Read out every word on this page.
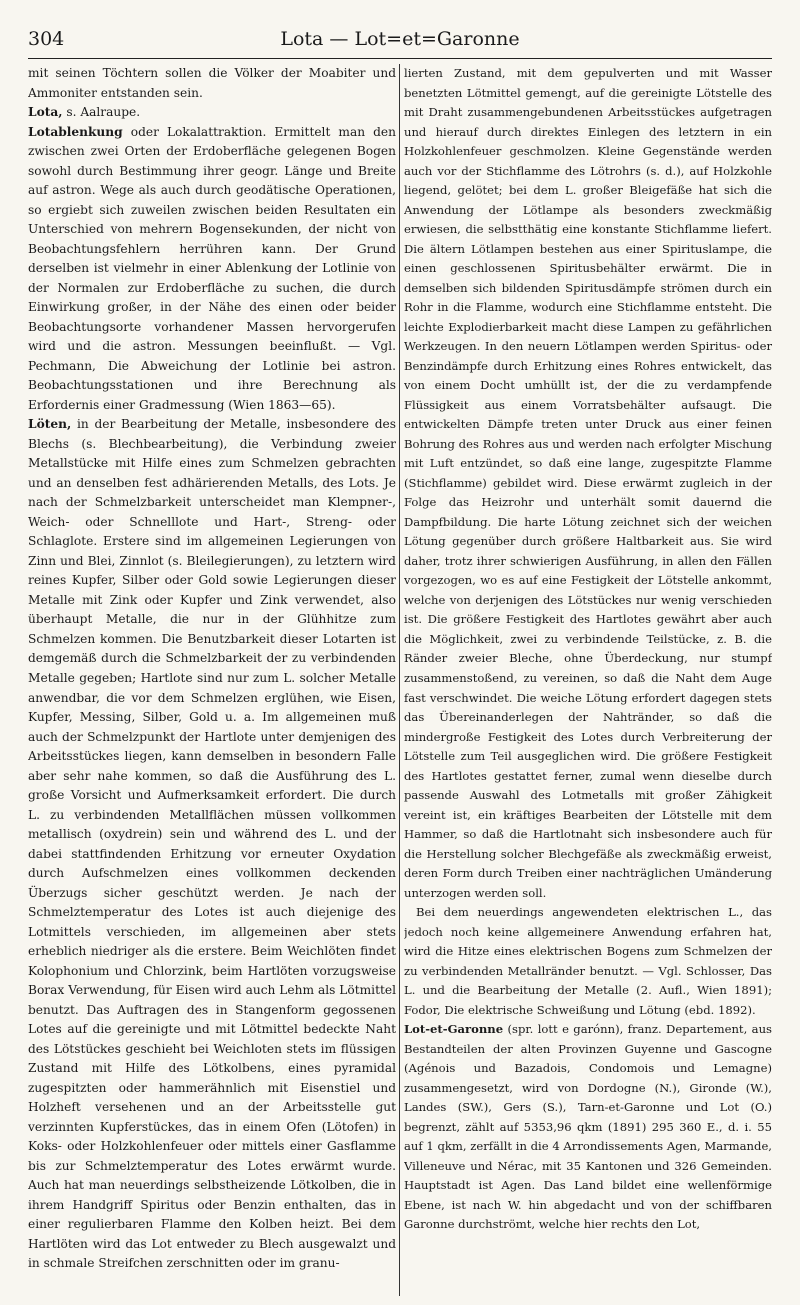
304	Lota — Lot=et=Garonne

mit seinen Töchtern sollen die Völker der Moabiter und Ammoniter entstanden sein.

Lota, s. Aalraupe.

Lotablenkung oder Lokalattraktion. Ermittelt man den zwischen zwei Orten der Erdoberfläche gelegenen Bogen sowohl durch Bestimmung ihrer geogr. Länge und Breite auf astron. Wege als auch durch geodätische Operationen, so ergiebt sich zuweilen zwischen beiden Resultaten ein Unterschied von mehrern Bogensekunden, der nicht von Beobachtungsfehlern herrühren kann. Der Grund derselben ist vielmehr in einer Ablenkung der Lotlinie von der Normalen zur Erdoberfläche zu suchen, die durch Einwirkung großer, in der Nähe des einen oder beider Beobachtungsorte vorhandener Massen hervorgerufen wird und die astron. Messungen beeinflußt. — Vgl. Pechmann, Die Abweichung der Lotlinie bei astron. Beobachtungsstationen und ihre Berechnung als Erfordernis einer Gradmessung (Wien 1863—65).

Löten, in der Bearbeitung der Metalle, insbesondere des Blechs (s. Blechbearbeitung), die Verbindung zweier Metallstücke mit Hilfe eines zum Schmelzen gebrachten und an denselben fest adhärierenden Metalls, des Lots. Je nach der Schmelzbarkeit unterscheidet man Klempner-, Weich- oder Schnelllote und Hart-, Streng- oder Schlaglote. Erstere sind im allgemeinen Legierungen von Zinn und Blei, Zinnlot (s. Bleilegierungen), zu letztern wird reines Kupfer, Silber oder Gold sowie Legierungen dieser Metalle mit Zink oder Kupfer und Zink verwendet, also überhaupt Metalle, die nur in der Glühhitze zum Schmelzen kommen. Die Benutzbarkeit dieser Lotarten ist demgemäß durch die Schmelzbarkeit der zu verbindenden Metalle gegeben; Hartlote sind nur zum L. solcher Metalle anwendbar, die vor dem Schmelzen erglühen, wie Eisen, Kupfer, Messing, Silber, Gold u. a. Im allgemeinen muß auch der Schmelzpunkt der Hartlote unter demjenigen des Arbeitsstückes liegen, kann demselben in besondern Falle aber sehr nahe kommen, so daß die Ausführung des L. große Vorsicht und Aufmerksamkeit erfordert. Die durch L. zu verbindenden Metallflächen müssen vollkommen metallisch (oxydrein) sein und während des L. und der dabei stattfindenden Erhitzung vor erneuter Oxydation durch Aufschmelzen eines vollkommen deckenden Überzugs sicher geschützt werden. Je nach der Schmelztemperatur des Lotes ist auch diejenige des Lotmittels verschieden, im allgemeinen aber stets erheblich niedriger als die erstere. Beim Weichlöten findet Kolophonium und Chlorzink, beim Hartlöten vorzugsweise Borax Verwendung, für Eisen wird auch Lehm als Lötmittel benutzt. Das Auftragen des in Stangenform gegossenen Lotes auf die gereinigte und mit Lötmittel bedeckte Naht des Lötstückes geschieht bei Weichloten stets im flüssigen Zustand mit Hilfe des Lötkolbens, eines pyramidal zugespitzten oder hammerähnlich mit Eisenstiel und Holzheft versehenen und an der Arbeitsstelle gut verzinnten Kupferstückes, das in einem Ofen (Lötofen) in Koks- oder Holzkohlenfeuer oder mittels einer Gasflamme bis zur Schmelztemperatur des Lotes erwärmt wurde. Auch hat man neuerdings selbstheizende Lötkolben, die in ihrem Handgriff Spiritus oder Benzin enthalten, das in einer regulierbaren Flamme den Kolben heizt. Bei dem Hartlöten wird das Lot entweder zu Blech ausgewalzt und in schmale Streifchen zerschnitten oder im granu-

lierten Zustand, mit dem gepulverten und mit Wasser benetzten Lötmittel gemengt, auf die gereinigte Lötstelle des mit Draht zusammengebundenen Arbeitsstückes aufgetragen und hierauf durch direktes Einlegen des letztern in ein Holzkohlenfeuer geschmolzen. Kleine Gegenstände werden auch vor der Stichflamme des Lötrohrs (s. d.), auf Holzkohle liegend, gelötet; bei dem L. großer Bleigefäße hat sich die Anwendung der Lötlampe als besonders zweckmäßig erwiesen, die selbstthätig eine konstante Stichflamme liefert. Die ältern Lötlampen bestehen aus einer Spirituslampe, die einen geschlossenen Spiritusbehälter erwärmt. Die in demselben sich bildenden Spiritusdämpfe strömen durch ein Rohr in die Flamme, wodurch eine Stichflamme entsteht. Die leichte Explodierbarkeit macht diese Lampen zu gefährlichen Werkzeugen. In den neuern Lötlampen werden Spiritus- oder Benzindämpfe durch Erhitzung eines Rohres entwickelt, das von einem Docht umhüllt ist, der die zu verdampfende Flüssigkeit aus einem Vorratsbehälter aufsaugt. Die entwickelten Dämpfe treten unter Druck aus einer feinen Bohrung des Rohres aus und werden nach erfolgter Mischung mit Luft entzündet, so daß eine lange, zugespitzte Flamme (Stichflamme) gebildet wird. Diese erwärmt zugleich in der Folge das Heizrohr und unterhält somit dauernd die Dampfbildung. Die harte Lötung zeichnet sich der weichen Lötung gegenüber durch größere Haltbarkeit aus. Sie wird daher, trotz ihrer schwierigen Ausführung, in allen den Fällen vorgezogen, wo es auf eine Festigkeit der Lötstelle ankommt, welche von derjenigen des Lötstückes nur wenig verschieden ist. Die größere Festigkeit des Hartlotes gewährt aber auch die Möglichkeit, zwei zu verbindende Teilstücke, z. B. die Ränder zweier Bleche, ohne Überdeckung, nur stumpf zusammenstoßend, zu vereinen, so daß die Naht dem Auge fast verschwindet. Die weiche Lötung erfordert dagegen stets das Übereinanderlegen der Nahtränder, so daß die mindergroße Festigkeit des Lotes durch Verbreiterung der Lötstelle zum Teil ausgeglichen wird. Die größere Festigkeit des Hartlotes gestattet ferner, zumal wenn dieselbe durch passende Auswahl des Lotmetalls mit großer Zähigkeit vereint ist, ein kräftiges Bearbeiten der Lötstelle mit dem Hammer, so daß die Hartlotnaht sich insbesondere auch für die Herstellung solcher Blechgefäße als zweckmäßig erweist, deren Form durch Treiben einer nachträglichen Umänderung unterzogen werden soll.

Bei dem neuerdings angewendeten elektrischen L., das jedoch noch keine allgemeinere Anwendung erfahren hat, wird die Hitze eines elektrischen Bogens zum Schmelzen der zu verbindenden Metallränder benutzt. — Vgl. Schlosser, Das L. und die Bearbeitung der Metalle (2. Aufl., Wien 1891); Fodor, Die elektrische Schweißung und Lötung (ebd. 1892).

Lot-et-Garonne (spr. lott e garónn), franz. Departement, aus Bestandteilen der alten Provinzen Guyenne und Gascogne (Agénois und Bazadois, Condomois und Lemagne) zusammengesetzt, wird von Dordogne (N.), Gironde (W.), Landes (SW.), Gers (S.), Tarn-et-Garonne und Lot (O.) begrenzt, zählt auf 5353,96 qkm (1891) 295 360 E., d. i. 55 auf 1 qkm, zerfällt in die 4 Arrondissements Agen, Marmande, Villeneuve und Nérac, mit 35 Kantonen und 326 Gemeinden. Hauptstadt ist Agen. Das Land bildet eine wellenförmige Ebene, ist nach W. hin abgedacht und von der schiffbaren Garonne durchströmt, welche hier rechts den Lot,
